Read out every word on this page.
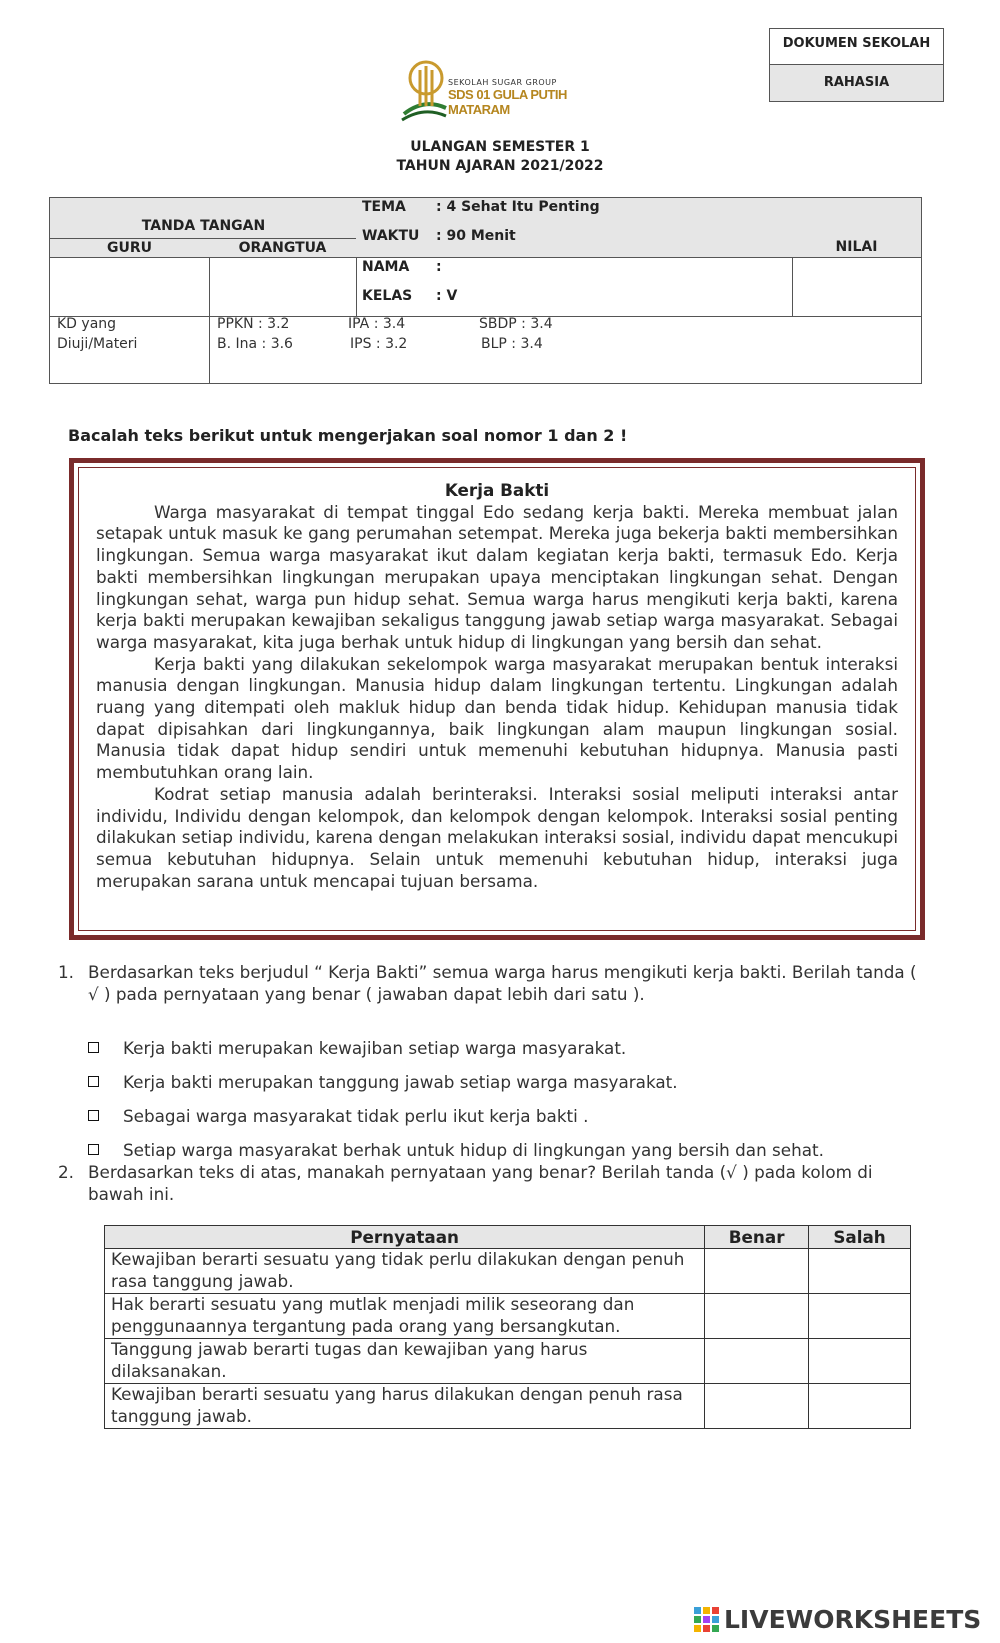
DOKUMEN SEKOLAH
RAHASIA
SEKOLAH SUGAR GROUP
SDS 01 GULA PUTIH MATARAM
ULANGAN SEMESTER 1
TAHUN AJARAN 2021/2022
TANDA TANGAN
GURU	ORANGTUA
TEMA : 4 Sehat Itu Penting
WAKTU : 90 Menit
NAMA :
KELAS : V
NILAI
KD yang
Diuji/Materi
PPKN : 3.2	IPA : 3.4	SBDP : 3.4
B. Ina : 3.6	IPS : 3.2	BLP : 3.4
Bacalah teks berikut untuk mengerjakan soal nomor 1 dan 2 !
Kerja Bakti

Warga masyarakat di tempat tinggal Edo sedang kerja bakti. Mereka membuat jalan setapak untuk masuk ke gang perumahan setempat. Mereka juga bekerja bakti membersihkan lingkungan. Semua warga masyarakat ikut dalam kegiatan kerja bakti, termasuk Edo. Kerja bakti membersihkan lingkungan merupakan upaya menciptakan lingkungan sehat. Dengan lingkungan sehat, warga pun hidup sehat. Semua warga harus mengikuti kerja bakti, karena kerja bakti merupakan kewajiban sekaligus tanggung jawab setiap warga masyarakat. Sebagai warga masyarakat, kita juga berhak untuk hidup di lingkungan yang bersih dan sehat.

Kerja bakti yang dilakukan sekelompok warga masyarakat merupakan bentuk interaksi manusia dengan lingkungan. Manusia hidup dalam lingkungan tertentu. Lingkungan adalah ruang yang ditempati oleh makluk hidup dan benda tidak hidup. Kehidupan manusia tidak dapat dipisahkan dari lingkungannya, baik lingkungan alam maupun lingkungan sosial. Manusia tidak dapat hidup sendiri untuk memenuhi kebutuhan hidupnya. Manusia pasti membutuhkan orang lain.

Kodrat setiap manusia adalah berinteraksi. Interaksi sosial meliputi interaksi antar individu, Individu dengan kelompok, dan kelompok dengan kelompok. Interaksi sosial penting dilakukan setiap individu, karena dengan melakukan interaksi sosial, individu dapat mencukupi semua kebutuhan hidupnya. Selain untuk memenuhi kebutuhan hidup, interaksi juga merupakan sarana untuk mencapai tujuan bersama.

1. Berdasarkan teks berjudul “ Kerja Bakti” semua warga harus mengikuti kerja bakti. Berilah tanda (
√ ) pada pernyataan yang benar ( jawaban dapat lebih dari satu ).
Kerja bakti merupakan kewajiban setiap warga masyarakat.
Kerja bakti merupakan tanggung jawab setiap warga masyarakat.
Sebagai warga masyarakat tidak perlu ikut kerja bakti .
Setiap warga masyarakat berhak untuk hidup di lingkungan yang bersih dan sehat.
2. Berdasarkan teks di atas, manakah pernyataan yang benar? Berilah tanda (√ ) pada kolom di
bawah ini.
Pernyataan	Benar	Salah
Kewajiban berarti sesuatu yang tidak perlu dilakukan dengan penuh rasa tanggung jawab.		
Hak berarti sesuatu yang mutlak menjadi milik seseorang dan penggunaannya tergantung pada orang yang bersangkutan.		
Tanggung jawab berarti tugas dan kewajiban yang harus dilaksanakan.		
Kewajiban berarti sesuatu yang harus dilakukan dengan penuh rasa tanggung jawab.		
LIVEWORKSHEETS
